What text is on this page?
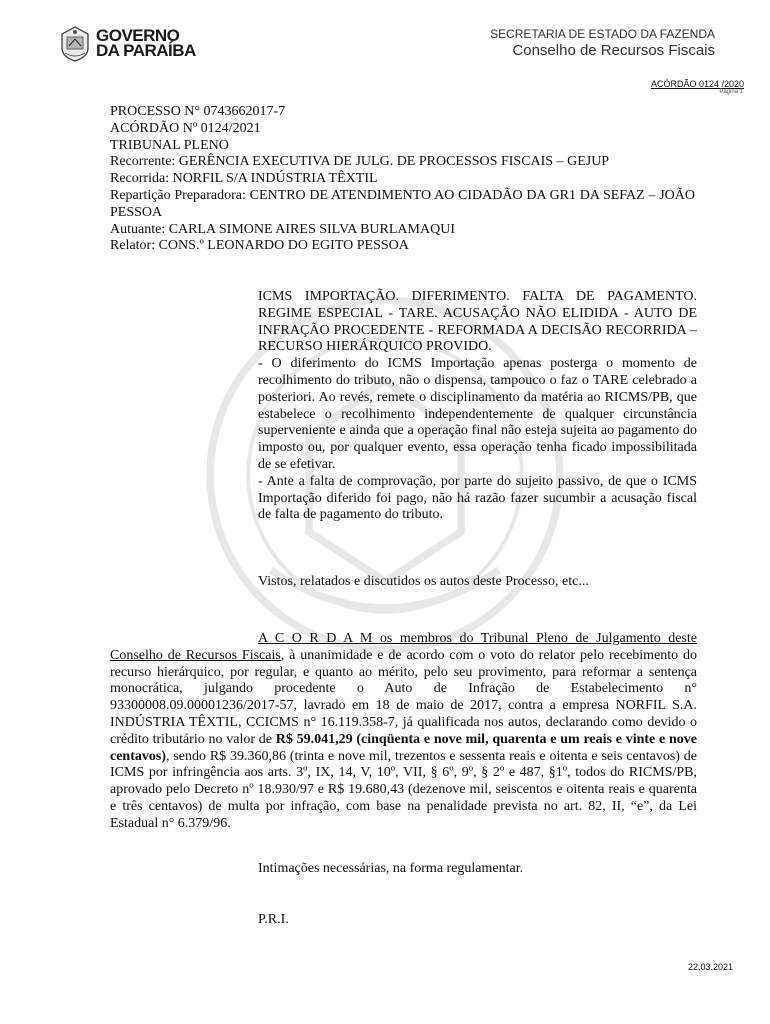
GOVERNO
DA PARAÍBA
SECRETARIA DE ESTADO DA FAZENDA
Conselho de Recursos Fiscais
ACÓRDÃO 0124 /2020
Página 1
PROCESSO N° 0743662017-7
ACÓRDÃO Nº 0124/2021
TRIBUNAL PLENO
Recorrente: GERÊNCIA EXECUTIVA DE JULG. DE PROCESSOS FISCAIS – GEJUP
Recorrida: NORFIL S/A INDÚSTRIA TÊXTIL
Repartição Preparadora: CENTRO DE ATENDIMENTO AO CIDADÃO DA GR1 DA SEFAZ – JOÃO PESSOA
Autuante: CARLA SIMONE AIRES SILVA BURLAMAQUI
Relator: CONS.º LEONARDO DO EGITO PESSOA

ICMS IMPORTAÇÃO. DIFERIMENTO. FALTA DE PAGAMENTO. REGIME ESPECIAL - TARE. ACUSAÇÃO NÃO ELIDIDA - AUTO DE INFRAÇÃO PROCEDENTE - REFORMADA A DECISÃO RECORRIDA – RECURSO HIERÁRQUICO PROVIDO.

- O diferimento do ICMS Importação apenas posterga o momento de recolhimento do tributo, não o dispensa, tampouco o faz o TARE celebrado a posteriori. Ao revés, remete o disciplinamento da matéria ao RICMS/PB, que estabelece o recolhimento independentemente de qualquer circunstância superveniente e ainda que a operação final não esteja sujeita ao pagamento do imposto ou, por qualquer evento, essa operação tenha ficado impossibilitada de se efetivar.

- Ante a falta de comprovação, por parte do sujeito passivo, de que o ICMS Importação diferido foi pago, não há razão fazer sucumbir a acusação fiscal de falta de pagamento do tributo.

Vistos, relatados e discutidos os autos deste Processo, etc...
A C O R D A M os membros do Tribunal Pleno de Julgamento deste Conselho de Recursos Fiscais, à unanimidade e de acordo com o voto do relator pelo recebimento do recurso hierárquico, por regular, e quanto ao mérito, pelo seu provimento, para reformar a sentença monocrática, julgando procedente o Auto de Infração de Estabelecimento n° 93300008.09.00001236/2017-57, lavrado em 18 de maio de 2017, contra a empresa NORFIL S.A. INDÚSTRIA TÊXTIL, CCICMS n° 16.119.358-7, já qualificada nos autos, declarando como devido o crédito tributário no valor de R$ 59.041,29 (cinqüenta e nove mil, quarenta e um reais e vinte e nove centavos), sendo R$ 39.360,86 (trinta e nove mil, trezentos e sessenta reais e oitenta e seis centavos) de ICMS por infringência aos arts. 3º, IX, 14, V, 10º, VII, § 6º, 9º, § 2º e 487, §1º, todos do RICMS/PB, aprovado pelo Decreto nº 18.930/97 e R$ 19.680,43 (dezenove mil, seiscentos e oitenta reais e quarenta e três centavos) de multa por infração, com base na penalidade prevista no art. 82, II, “e”, da Lei Estadual n° 6.379/96.
Intimações necessárias, na forma regulamentar.
P.R.I.
22.03.2021
